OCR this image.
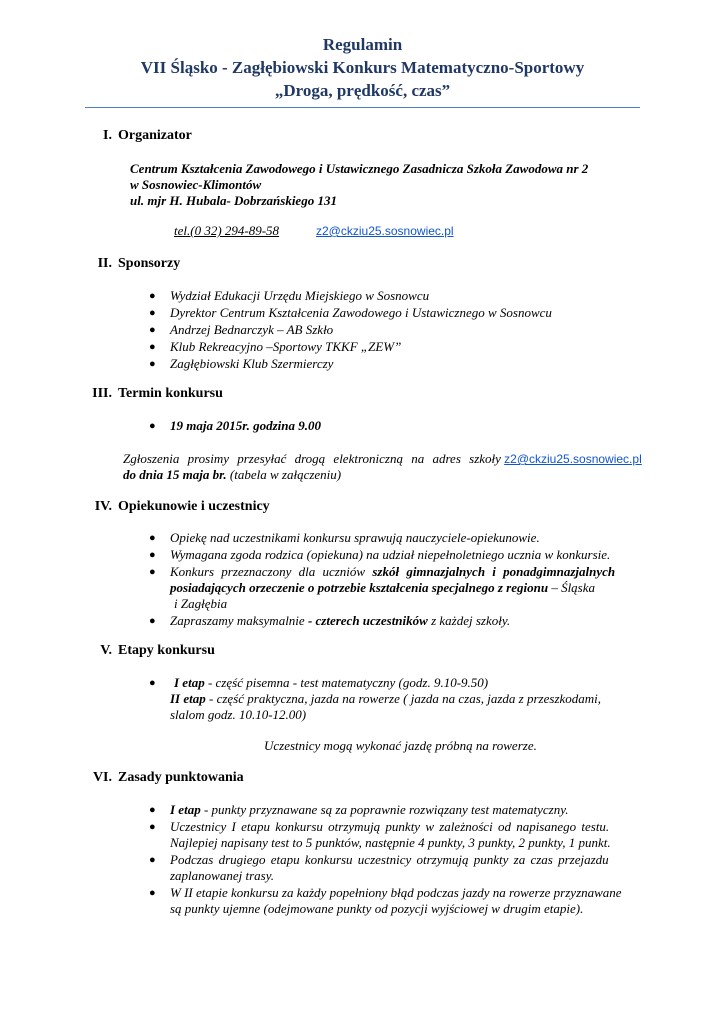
Regulamin
VII Śląsko - Zagłębiowski Konkurs Matematyczno-Sportowy
„Droga, prędkość, czas”
I. Organizator
Centrum Kształcenia Zawodowego i Ustawicznego Zasadnicza Szkoła Zawodowa nr 2
w Sosnowiec-Klimontów
ul. mjr H. Hubala- Dobrzańskiego 131
tel.(0 32) 294-89-58	z2@ckziu25.sosnowiec.pl
II. Sponsorzy
● Wydział Edukacji Urzędu Miejskiego w Sosnowcu
● Dyrektor Centrum Kształcenia Zawodowego i Ustawicznego w Sosnowcu
● Andrzej Bednarczyk – AB Szkło
● Klub Rekreacyjno –Sportowy TKKF „ZEW”
● Zagłębiowski Klub Szermierczy
III. Termin konkursu
● 19 maja 2015r. godzina 9.00
Zgłoszenia prosimy przesyłać drogą elektroniczną na adres szkoły z2@ckziu25.sosnowiec.pl
do dnia 15 maja br. (tabela w załączeniu)
IV. Opiekunowie i uczestnicy
● Opiekę nad uczestnikami konkursu sprawują nauczyciele-opiekunowie.
● Wymagana zgoda rodzica (opiekuna) na udział niepełnoletniego ucznia w konkursie.
● Konkurs przeznaczony dla uczniów szkół gimnazjalnych i ponadgimnazjalnych
posiadających orzeczenie o potrzebie kształcenia specjalnego z regionu – Śląska
i Zagłębia
● Zapraszamy maksymalnie - czterech uczestników z każdej szkoły.
V. Etapy konkursu
●	I etap - część pisemna - test matematyczny (godz. 9.10-9.50)
II etap - część praktyczna, jazda na rowerze ( jazda na czas, jazda z przeszkodami,
slalom godz. 10.10-12.00)
Uczestnicy mogą wykonać jazdę próbną na rowerze.
VI. Zasady punktowania
● I etap - punkty przyznawane są za poprawnie rozwiązany test matematyczny.
● Uczestnicy I etapu konkursu otrzymują punkty w zależności od napisanego testu.
Najlepiej napisany test to 5 punktów, następnie 4 punkty, 3 punkty, 2 punkty, 1 punkt.
● Podczas drugiego etapu konkursu uczestnicy otrzymują punkty za czas przejazdu
zaplanowanej trasy.
● W II etapie konkursu za każdy popełniony błąd podczas jazdy na rowerze przyznawane
są punkty ujemne (odejmowane punkty od pozycji wyjściowej w drugim etapie).
